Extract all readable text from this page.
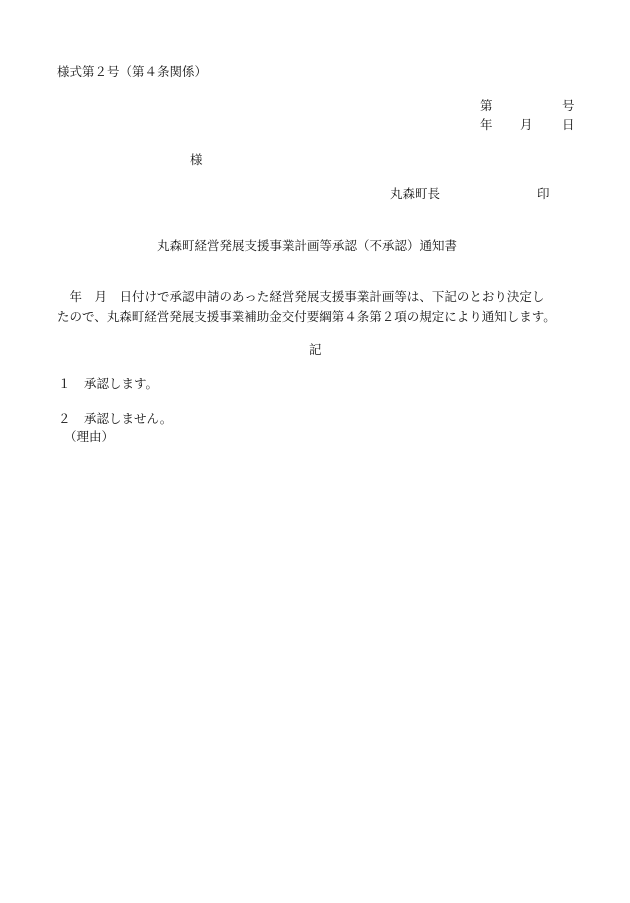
様式第２号（第４条関係）
第	号
年 月 日
様
丸森町長	印
丸森町経営発展支援事業計画等承認（不承認）通知書
　年　月　日付けで承認申請のあった経営発展支援事業計画等は、下記のとおり決定し
たので、丸森町経営発展支援事業補助金交付要綱第４条第２項の規定により通知します。
記
１ 承認します。
２ 承認しません。
（理由）
